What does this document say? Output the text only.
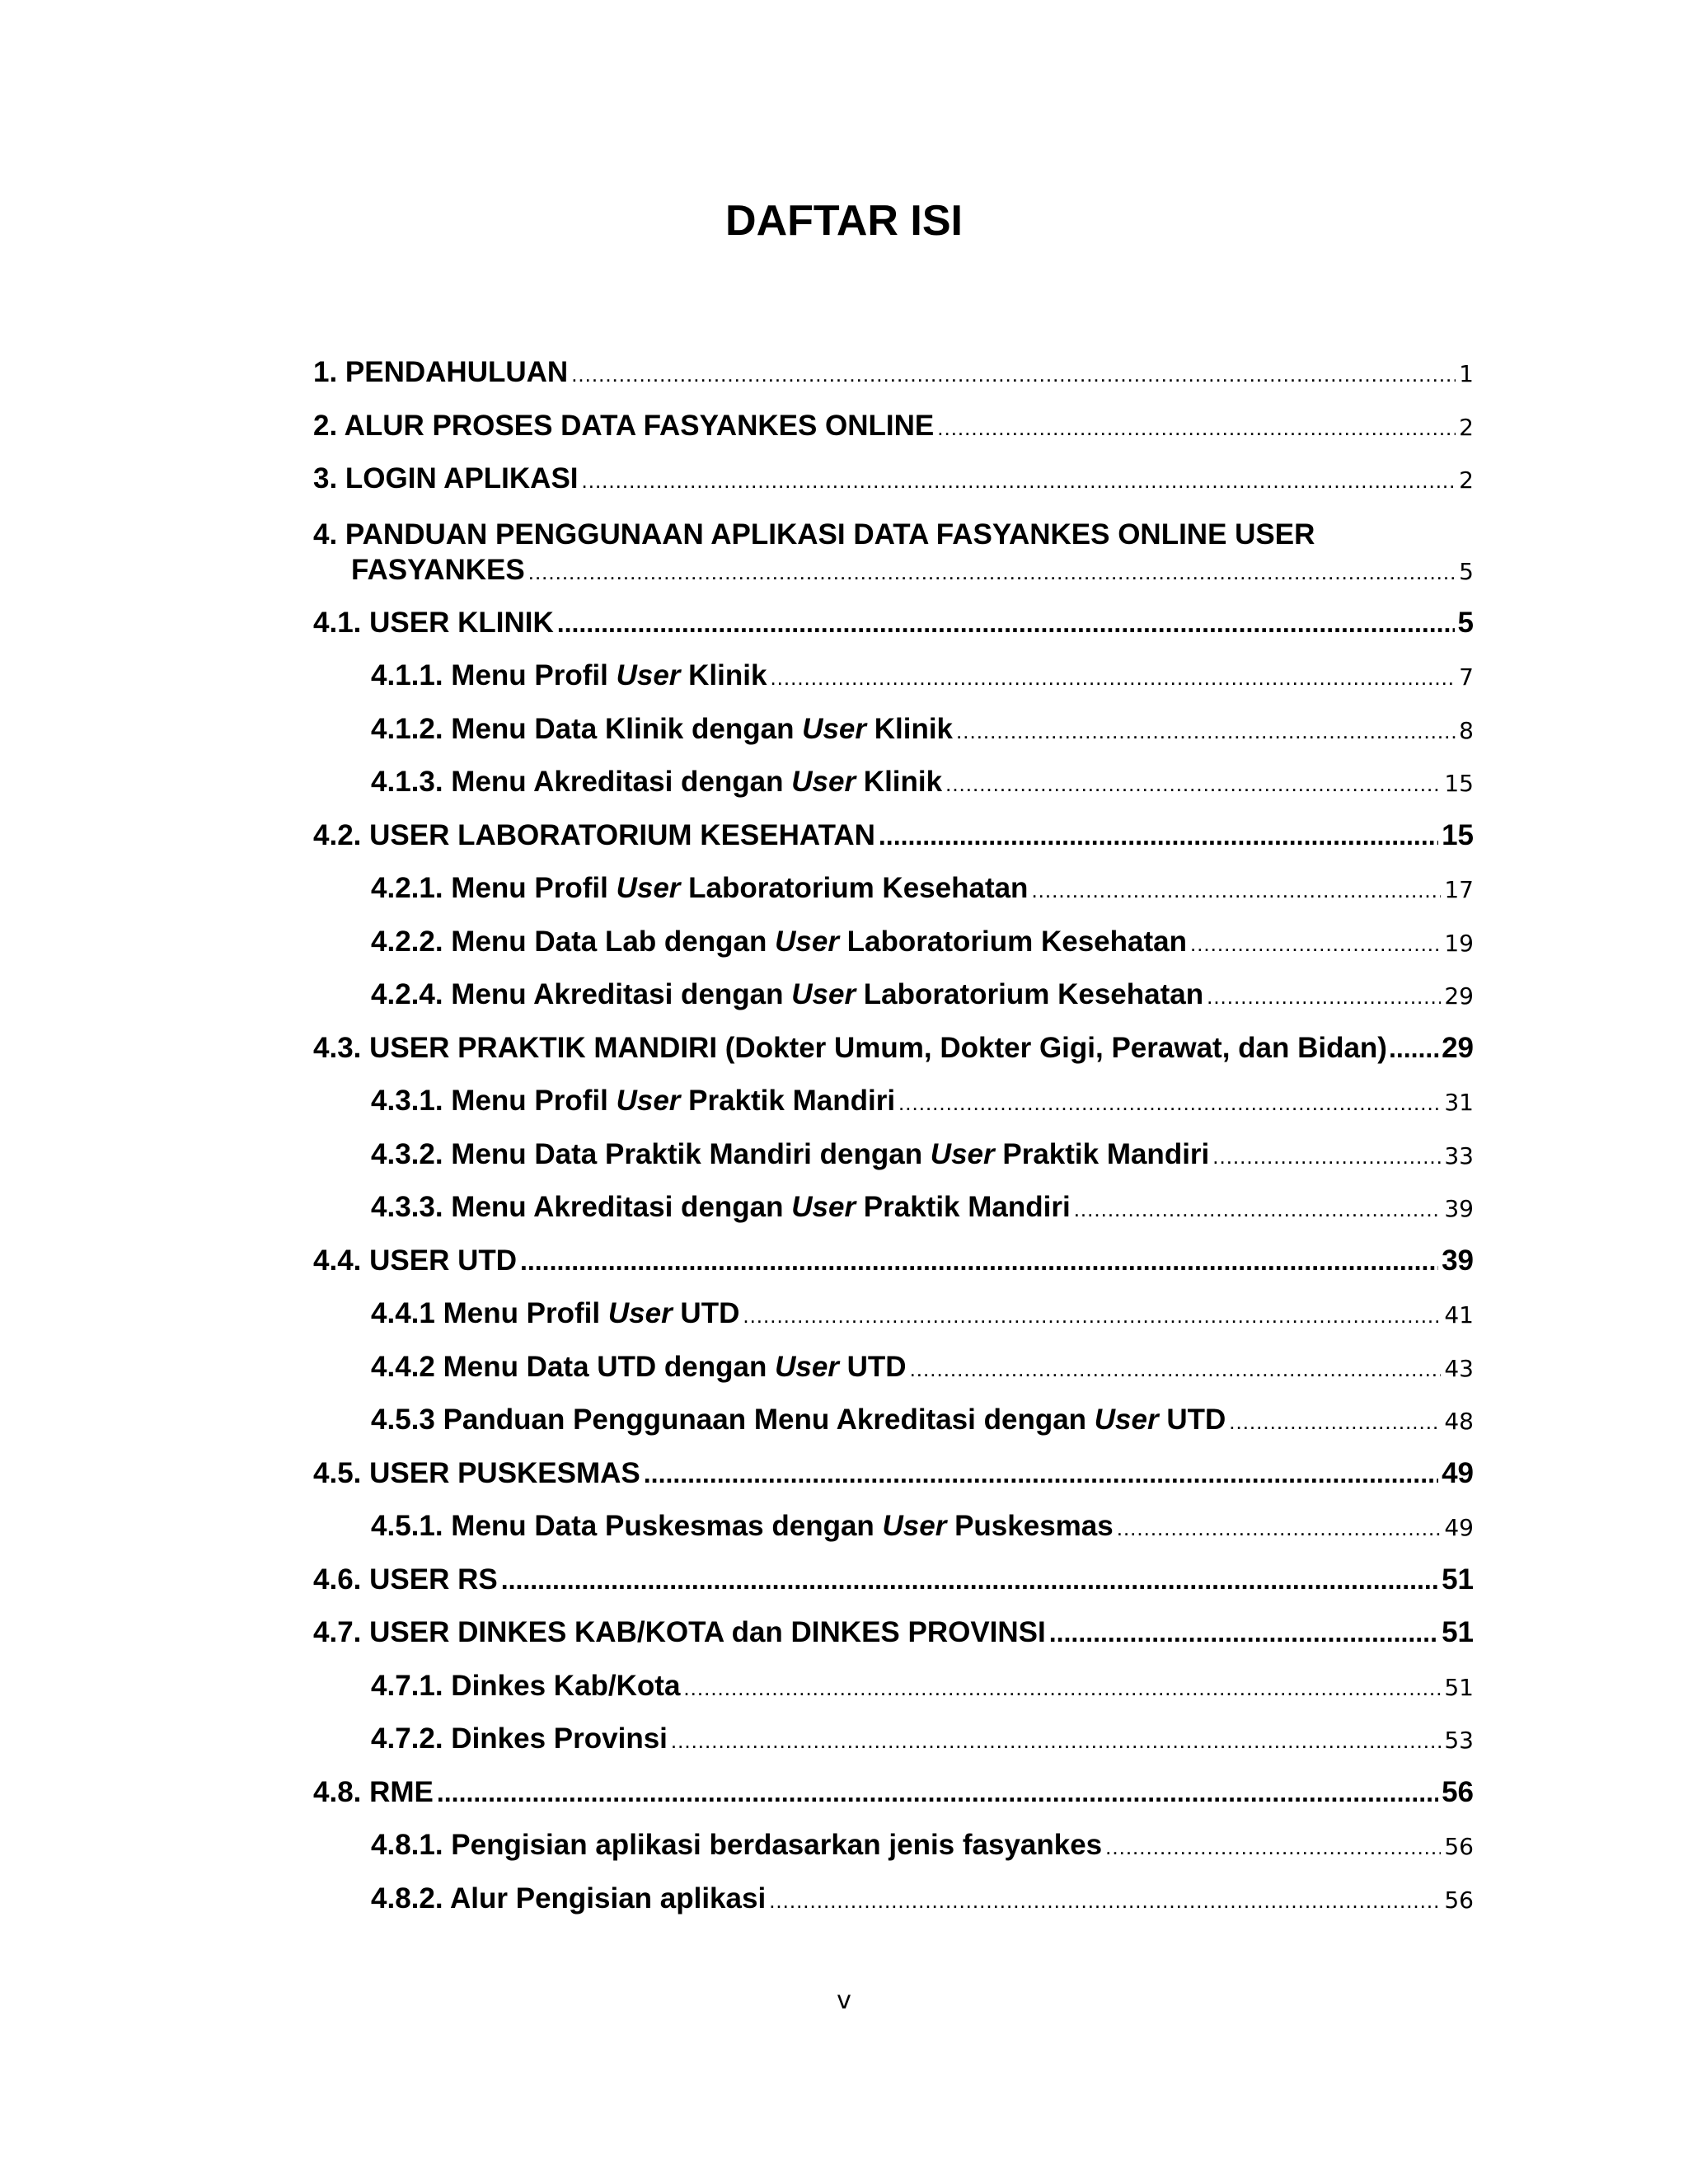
DAFTAR ISI
1. PENDAHULUAN .....	1
2. ALUR PROSES DATA FASYANKES ONLINE .....	2
3. LOGIN APLIKASI .....	2
4. PANDUAN PENGGUNAAN APLIKASI DATA FASYANKES ONLINE USER
FASYANKES .....	5
4.1. USER KLINIK .....	5
4.1.1. Menu Profil User Klinik .....	7
4.1.2. Menu Data Klinik dengan User Klinik .....	8
4.1.3. Menu Akreditasi dengan User Klinik .....	15
4.2. USER LABORATORIUM KESEHATAN .....	15
4.2.1. Menu Profil User Laboratorium Kesehatan .....	17
4.2.2. Menu Data Lab dengan User Laboratorium Kesehatan .....	19
4.2.4. Menu Akreditasi dengan User Laboratorium Kesehatan .....	29
4.3. USER PRAKTIK MANDIRI (Dokter Umum, Dokter Gigi, Perawat, dan Bidan) ..... 29
4.3.1. Menu Profil User Praktik Mandiri .....	31
4.3.2. Menu Data Praktik Mandiri dengan User Praktik Mandiri .....	33
4.3.3. Menu Akreditasi dengan User Praktik Mandiri .....	39
4.4. USER UTD .....	39
4.4.1 Menu Profil User UTD .....	41
4.4.2 Menu Data UTD dengan User UTD .....	43
4.5.3 Panduan Penggunaan Menu Akreditasi dengan User UTD .....	48
4.5. USER PUSKESMAS .....	49
4.5.1. Menu Data Puskesmas dengan User Puskesmas .....	49
4.6. USER RS .....	51
4.7. USER DINKES KAB/KOTA dan DINKES PROVINSI .....	51
4.7.1. Dinkes Kab/Kota .....	51
4.7.2. Dinkes Provinsi .....	53
4.8. RME .....	56
4.8.1. Pengisian aplikasi berdasarkan jenis fasyankes .....	56
4.8.2. Alur Pengisian aplikasi .....	56
v
